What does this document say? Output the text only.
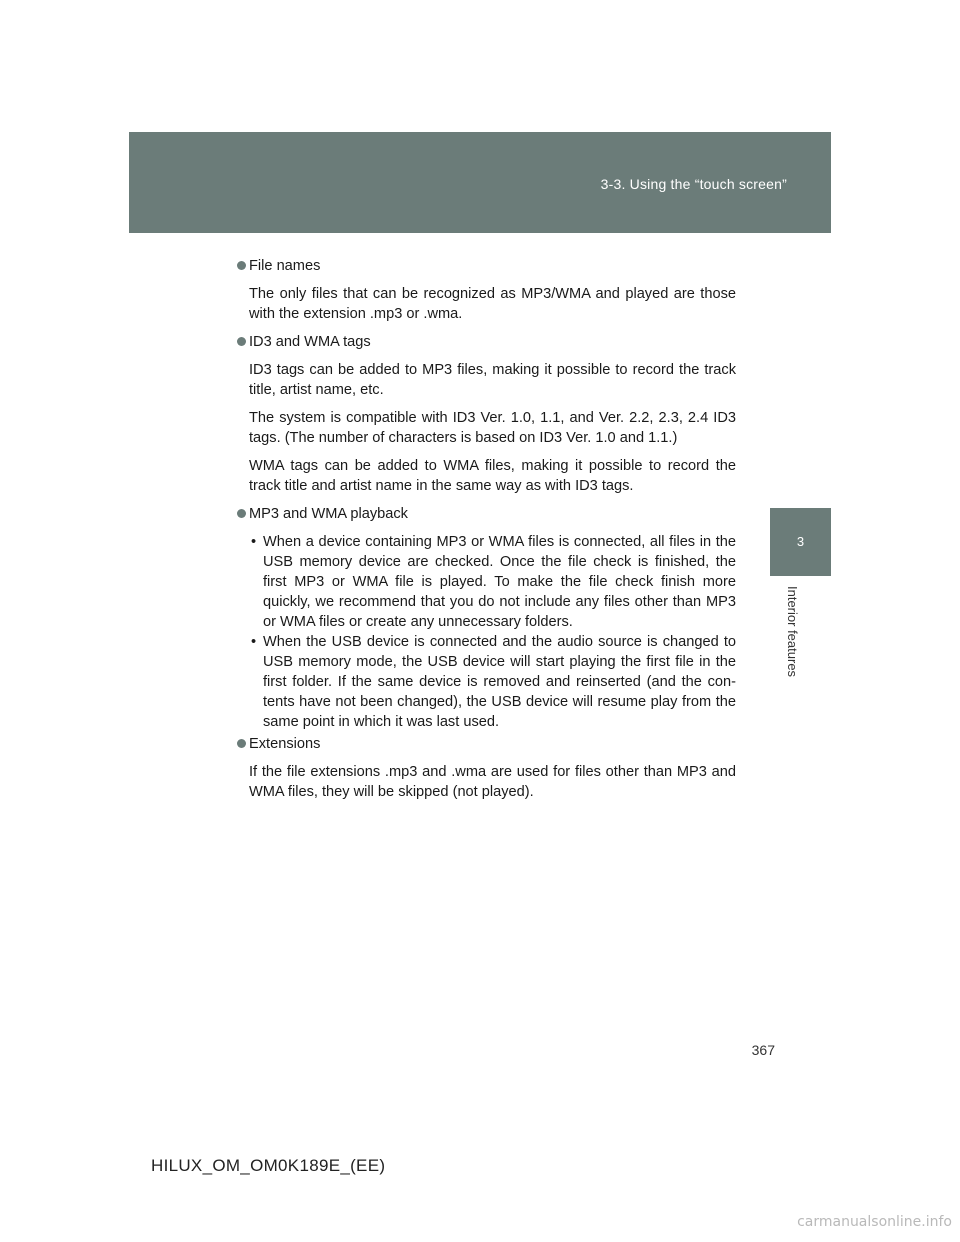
3-3. Using the “touch screen”
3
Interior features
File names

The only files that can be recognized as MP3/WMA and played are those with the extension .mp3 or .wma.

ID3 and WMA tags

ID3 tags can be added to MP3 files, making it possible to record the track title, artist name, etc.

The system is compatible with ID3 Ver. 1.0, 1.1, and Ver. 2.2, 2.3, 2.4 ID3 tags. (The number of characters is based on ID3 Ver. 1.0 and 1.1.)

WMA tags can be added to WMA files, making it possible to record the track title and artist name in the same way as with ID3 tags.

MP3 and WMA playback
• When a device containing MP3 or WMA files is connected, all files in the USB memory device are checked. Once the file check is finished, the first MP3 or WMA file is played. To make the file check finish more quickly, we recommend that you do not include any files other than MP3 or WMA files or create any unnecessary folders.
• When the USB device is connected and the audio source is changed to USB memory mode, the USB device will start playing the first file in the first folder. If the same device is removed and reinserted (and the con-tents have not been changed), the USB device will resume play from the same point in which it was last used.
Extensions

If the file extensions .mp3 and .wma are used for files other than MP3 and WMA files, they will be skipped (not played).

367
HILUX_OM_OM0K189E_(EE)
carmanualsonline.info
